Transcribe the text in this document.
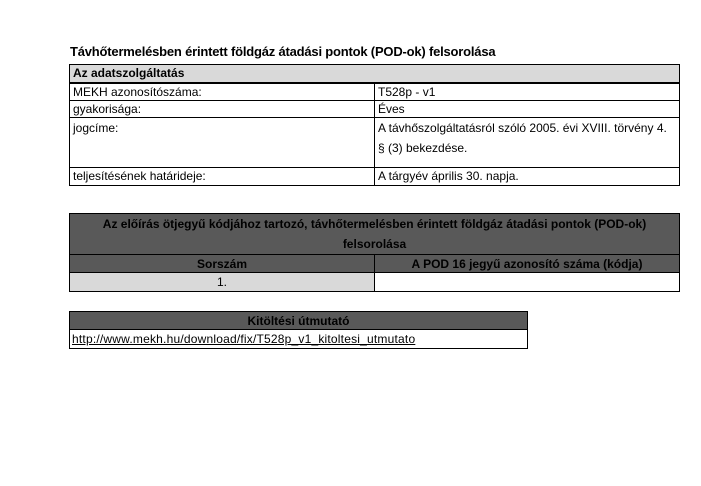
Távhőtermelésben érintett földgáz átadási pontok (POD-ok) felsorolása
Az adatszolgáltatás	
MEKH azonosítószáma:	T528p - v1
gyakorisága:	Éves
jogcíme:	A távhőszolgáltatásról szóló 2005. évi XVIII. törvény 4. § (3) bekezdése.
teljesítésének határideje:	A tárgyév április 30. napja.
Az előírás ötjegyű kódjához tartozó, távhőtermelésben érintett földgáz átadási pontok (POD-ok) felsorolása	
Sorszám	A POD 16 jegyű azonosító száma (kódja)
1.	
Kitöltési útmutató
http://www.mekh.hu/download/fix/T528p_v1_kitoltesi_utmutato
